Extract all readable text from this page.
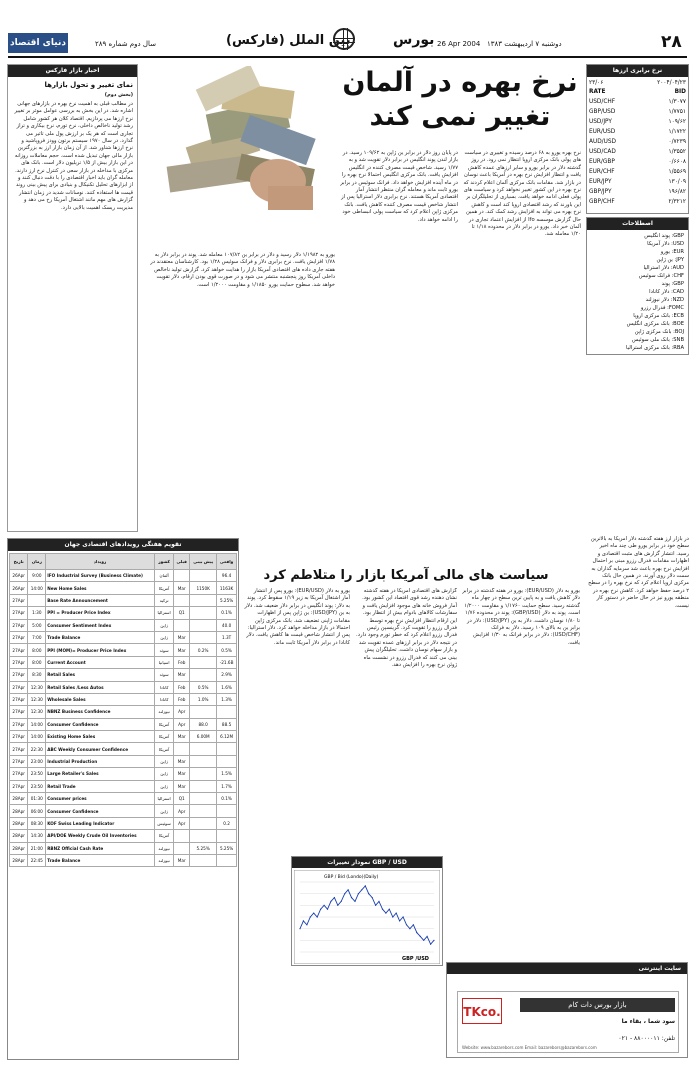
دنیای اقتصاد	سال دوم شماره ۲۸۹	بین الملل (فارکس)	بورس 26 Apr 2004 دوشنبه ۷ اردیبهشت ۱۳۸۳	۲۸
نرخ برابری ارزها
۲۳/۰۶	۲۰۰۴/۰۴/۲۳
RATE	BID
USD/CHF	۱/۳۰۷۷
GBP/USD	۱/۷۷۵۱
USD/JPY	۱۰۹/۶۲
EUR/USD	۱/۱۷۲۲
AUD/USD	۰/۷۲۳۹
USD/CAD	۱/۳۵۵۲
EUR/GBP	۰/۶۶۰۸
EUR/CHF	۱/۵۵۶۹
EUR/JPY	۱۳۰/۰۹
GBP/JPY	۱۹۶/۸۲
GBP/CHF	۲/۳۲۱۲
اصطلاحات
GBP: پوند انگلیس
USD: دلار آمریکا
EUR: یورو
JPY: ین ژاپن
AUD: دلار استرالیا
CHF: فرانک سوئیس
GBP: پوند
CAD: دلار کانادا
NZD: دلار نیوزلند
FOMC: فدرال رزرو
ECB: بانک مرکزی اروپا
BOE: بانک مرکزی انگلیس
BOJ: بانک مرکزی ژاپن
SNB: بانک ملی سوئیس
RBA: بانک مرکزی استرالیا
نرخ بهره در آلمان تغییر نمی کند
نرخ بهره یورو به ۶۸ درصد رسیده و تغییری در سیاست های پولی بانک مرکزی اروپا انتظار نمی رود. در روز گذشته دلار در برابر یورو و سایر ارزهای عمده کاهش یافت و انتظار افزایش نرخ بهره در آمریکا باعث نوسان در بازار شد. مقامات بانک مرکزی آلمان اعلام کردند که نرخ بهره در این کشور تغییر نخواهد کرد و سیاست های پولی فعلی ادامه خواهد یافت. بسیاری از تحلیلگران بر این باورند که رشد اقتصادی اروپا کند است و کاهش نرخ بهره می تواند به افزایش رشد کمک کند. در همین حال گزارش موسسه Ifo از افزایش اعتماد تجاری در آلمان خبر داد. یورو در برابر دلار در محدوده ۱/۱۸ تا ۱/۲۰ معامله شد.
در پایان روز دلار در برابر ین ژاپن به ۱۰۹/۶۲ رسید. در بازار لندن پوند انگلیس در برابر دلار تقویت شد و به ۱/۷۷ رسید. شاخص قیمت مصرف کننده در انگلیس افزایش یافت. بانک مرکزی انگلیس احتمالا نرخ بهره را در ماه آینده افزایش خواهد داد. فرانک سوئیس در برابر یورو ثابت ماند و معامله گران منتظر انتشار آمار اقتصادی آمریکا هستند. نرخ برابری دلار استرالیا پس از انتشار شاخص قیمت مصرف کننده کاهش یافت. بانک مرکزی ژاپن اعلام کرد که سیاست پولی انبساطی خود را ادامه خواهد داد.
یورو به ۱/۱۹۸۲ دلار رسید و دلار در برابر ین ۱۰۷/۸۲ معامله شد. پوند در برابر دلار به ۱/۷۸ افزایش یافت. نرخ برابری دلار و فرانک سوئیس ۱/۲۸ بود. کارشناسان معتقدند در هفته جاری داده های اقتصادی آمریکا بازار را هدایت خواهد کرد. گزارش تولید ناخالص داخلی آمریکا روز پنجشنبه منتشر می شود و در صورت قوی بودن ارقام، دلار تقویت خواهد شد. سطوح حمایت یورو ۱/۱۸۵۰ و مقاومت ۱/۲۰۰۰ است.
اخبار بازار فارکس
نمای تغییر و تحول بازارها
(بخش دوم)
در مطالب قبلی به اهمیت نرخ بهره در بازارهای جهانی اشاره شد. در این بخش به بررسی عوامل موثر بر تغییر نرخ ارزها می پردازیم. اقتصاد کلان هر کشور شامل رشد تولید ناخالص داخلی، نرخ تورم، نرخ بیکاری و تراز تجاری است که هر یک بر ارزش پول ملی تاثیر می گذارد. در سال ۱۹۷۰ سیستم برتون وودز فروپاشید و نرخ ارزها شناور شد. از آن زمان بازار ارز به بزرگترین بازار مالی جهان تبدیل شده است. حجم معاملات روزانه در این بازار بیش از ۱/۵ تریلیون دلار است. بانک های مرکزی با مداخله در بازار سعی در کنترل نرخ ارز دارند. معامله گران باید اخبار اقتصادی را با دقت دنبال کنند و از ابزارهای تحلیل تکنیکال و بنیادی برای پیش بینی روند قیمت ها استفاده کنند. نوسانات شدید در زمان انتشار گزارش های مهم مانند اشتغال آمریکا رخ می دهد و مدیریت ریسک اهمیت بالایی دارد.
سیاست های مالی آمریکا بازار را متلاطم کرد
در بازار ارز هفته گذشته دلار آمریکا به بالاترین سطح خود در برابر یورو طی چند ماه اخیر رسید. انتشار گزارش های مثبت اقتصادی و اظهارات مقامات فدرال رزرو مبنی بر احتمال افزایش نرخ بهره باعث شد سرمایه گذاران به سمت دلار روی آورند. در همین حال بانک مرکزی اروپا اعلام کرد که نرخ بهره را در سطح ۲ درصد حفظ خواهد کرد. کاهش نرخ بهره در منطقه یورو نیز در حال حاضر در دستور کار نیست.
یورو به دلار (EUR/USD): یورو در هفته گذشته در برابر دلار کاهش یافت و به پایین ترین سطح در چهار ماه گذشته رسید. سطح حمایت ۱/۱۷۶۰ و مقاومت ۱/۲۰۰۰ است. پوند به دلار (GBP/USD): پوند در محدوده ۱/۷۶ تا ۱/۸۰ نوسان داشت. دلار به ین (USD/JPY): دلار در برابر ین به بالای ۱۰۹ رسید. دلار به فرانک (USD/CHF): دلار در برابر فرانک به ۱/۳۰ افزایش یافت.
گزارش های اقتصادی آمریکا در هفته گذشته نشان دهنده رشد قوی اقتصاد این کشور بود. آمار فروش خانه های موجود افزایش یافت و سفارشات کالاهای بادوام بیش از انتظار بود. این ارقام انتظار افزایش نرخ بهره توسط فدرال رزرو را تقویت کرد. گرینسپن رئیس فدرال رزرو اعلام کرد که خطر تورم وجود دارد. در نتیجه دلار در برابر ارزهای عمده تقویت شد و بازار سهام نوسان داشت. تحلیلگران پیش بینی می کنند که فدرال رزرو در نشست ماه ژوئن نرخ بهره را افزایش دهد.
یورو به دلار (EUR/USD): یورو پس از انتشار آمار اشتغال آمریکا به زیر ۱/۱۹ سقوط کرد. پوند به دلار: پوند انگلیس در برابر دلار ضعیف شد. دلار به ین (USD/JPY): ین ژاپن پس از اظهارات مقامات ژاپنی تضعیف شد. بانک مرکزی ژاپن احتمالا در بازار مداخله خواهد کرد. دلار استرالیا: پس از انتشار شاخص قیمت ها کاهش یافت. دلار کانادا در برابر دلار آمریکا ثابت ماند.
تقویم هفتگی رویدادهای اقتصادی جهان
تاریخ	زمان	رویداد	کشور	قبلی	پیش بینی	واقعی
26Apr	9:00	IFO Industrial Survey (Business Climate)	آلمان			96.4
26Apr	14:00	New Home Sales	آمریکا	Mar	1150K	1163K
27Apr		Base Rate Announcement	ترکیه			5.25%
27Apr	1:30	PPI = Producer Price Index	استرالیا	Q1		0.1%
27Apr	5:00	Consumer Sentiment Index	ژاپن			40.0
27Apr	7:00	Trade Balance	ژاپن	Mar		1.3T
27Apr	8:00	PPI (MOM)= Producer Price Index	سوئد	Mar	0.2%	0.5%
27Apr	8:00	Current Account	اسپانیا	Feb		-21.6B
27Apr	8:30	Retail Sales	سوئد	Mar		2.9%
27Apr	12:30	Retail Sales /Less Autos	کانادا	Feb	0.5%	1.6%
27Apr	12:30	Wholesale Sales	کانادا	Feb	1.0%	1.3%
27Apr	12:30	NBNZ Business Confidence	نیوزلند	Apr		
27Apr	14:00	Consumer Confidence	آمریکا	Apr	88.0	88.5
27Apr	14:00	Existing Home Sales	آمریکا	Mar	6.00M	6.12M
27Apr	22:30	ABC Weekly Consumer Confidence	آمریکا			
27Apr	23:00	Industrial Production	ژاپن	Mar		
27Apr	23:50	Large Retailer's Sales	ژاپن	Mar		1.5%
27Apr	23:50	Retail Trade	ژاپن	Mar		1.7%
28Apr	01:30	Consumer prices	استرالیا	Q1		0.1%
28Apr	06:00	Consumer Confidence	ژاپن	Apr		
28Apr	08:30	KOF Swiss Leading Indicator	سوئیس	Apr		0.2
28Apr	14:30	API/DOE Weekly Crude Oil Inventories	آمریکا			
28Apr	21:00	RBNZ Official Cash Rate	نیوزلند		5.25%	5.25%
28Apr	22:45	Trade Balance	نیوزلند	Mar			نمودار تغییرات GBP / USD
GBP / Bid (Londo)(Daily)
GBP /USD
سایت اینترنتی
TKco.	بازار بورس دات کام
سود شما ، بقاء ما
تلفن: ۸۸۰۰۰۰۱۱ - ۰۲۱
Website: www.bazarebors.com Email: bazarebors@bazarebors.com
